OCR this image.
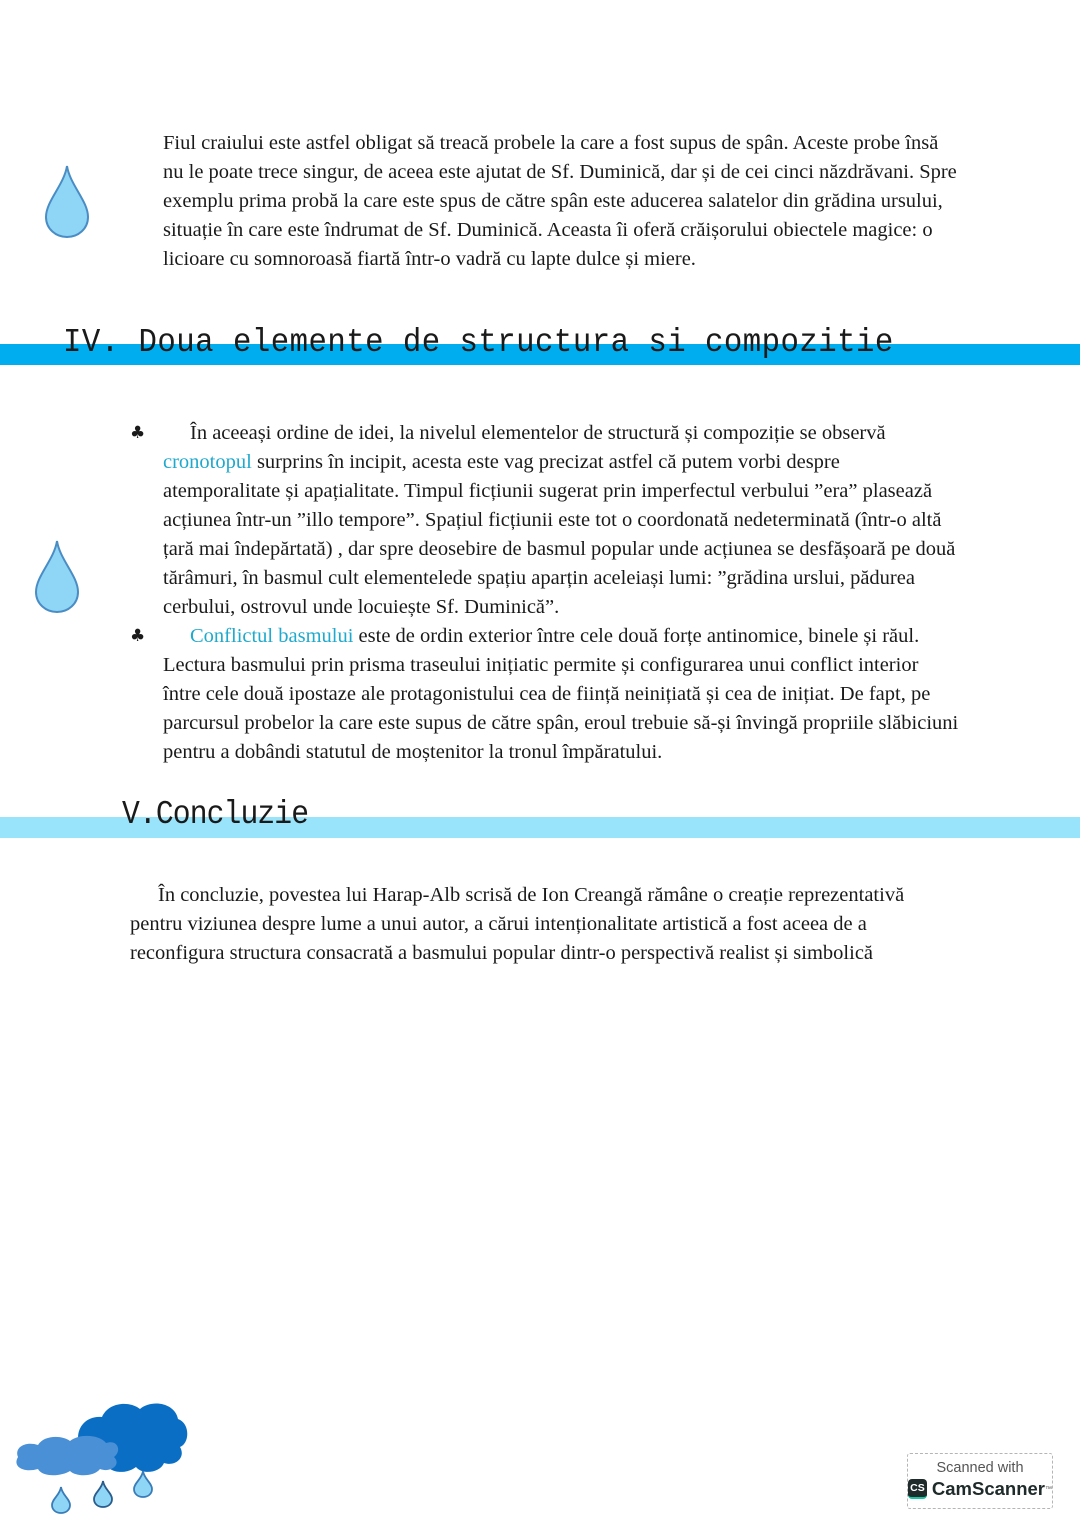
Fiul craiului este astfel obligat să treacă probele la care a fost supus de spân. Aceste probe însă nu le poate trece singur, de aceea este ajutat de Sf. Duminică, dar și de cei cinci năzdrăvani. Spre exemplu prima probă la care este spus de către spân este aducerea salatelor din grădina ursului, situație în care este îndrumat de Sf. Duminică. Aceasta îi oferă crăișorului obiectele magice: o licioare cu somnoroasă fiartă într-o vadră cu lapte dulce și miere.
IV. Doua elemente de structura si compozitie
♣ În aceeași ordine de idei, la nivelul elementelor de structură și compoziție se observă cronotopul surprins în incipit, acesta este vag precizat astfel că putem vorbi despre atemporalitate și apațialitate. Timpul ficțiunii sugerat prin imperfectul verbului ”era” plasează acțiunea într-un ”illo tempore”. Spațiul ficțiunii este tot o coordonată nedeterminată (într-o altă țară mai îndepărtată) , dar spre deosebire de basmul popular unde acțiunea se desfășoară pe două tărâmuri, în basmul cult elementelede spațiu aparțin aceleiași lumi: ”grădina urslui, pădurea cerbului, ostrovul unde locuiește Sf. Duminică”.
♣ Conflictul basmului este de ordin exterior între cele două forțe antinomice, binele și răul. Lectura basmului prin prisma traseului inițiatic permite și configurarea unui conflict interior între cele două ipostaze ale protagonistului cea de ființă neinițiată și cea de inițiat. De fapt, pe parcursul probelor la care este supus de către spân, eroul trebuie să-și învingă propriile slăbiciuni pentru a dobândi statutul de moștenitor la tronul împăratului.
V.Concluzie
În concluzie, povestea lui Harap-Alb scrisă de Ion Creangă rămâne o creație reprezentativă pentru viziunea despre lume a unui autor, a cărui intenționalitate artistică a fost aceea de a reconfigura structura consacrată a basmului popular dintr-o perspectivă realist și simbolică
Scanned with
CS CamScanner ™
